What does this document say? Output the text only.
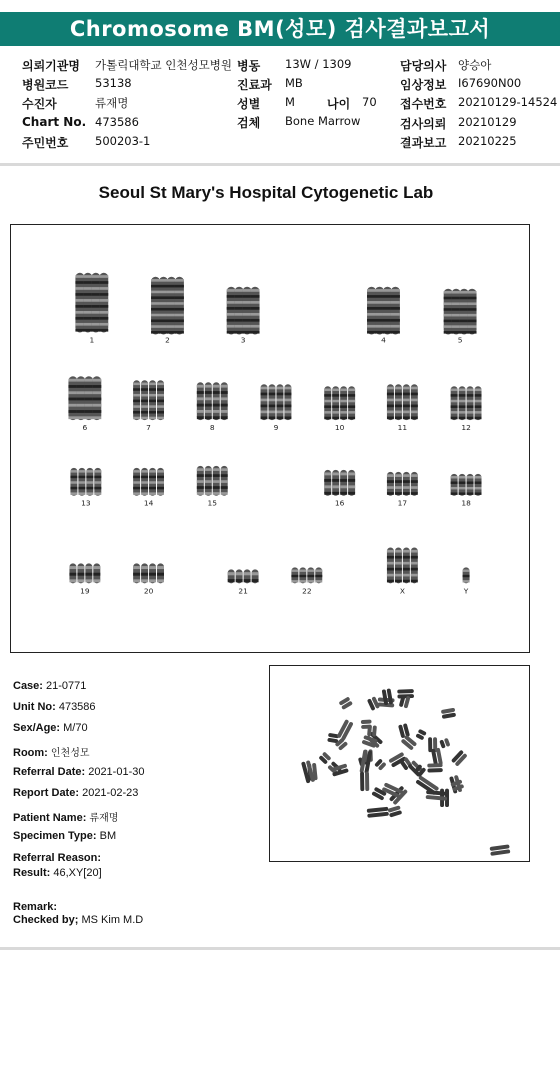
Chromosome BM(성모) 검사결과보고서
의뢰기관명 가톨릭대학교 인천성모병원 병동 13W / 1309	담당의사 양승아
병원코드 53138	진료과 MB	임상정보 I67690N00
수진자	류재명	성별 M	나이 70 접수번호 20210129-14524
Chart No. 473586	검체 Bone Marrow	검사의뢰 20210129
주민번호 500203-1	결과보고 20210225
Seoul St Mary's Hospital Cytogenetic Lab
1	2	3	4	5
6	7	8	9	10	11	12
13	14	15	16	17	18
19	20	21	22	X	Y
Case: 21-0771
Unit No: 473586
Sex/Age: M/70
Room: 인천성모
Referral Date: 2021-01-30
Report Date: 2021-02-23
Patient Name: 류재명
Specimen Type: BM
Referral Reason:
Result: 46,XY[20]
Remark:
Checked by; MS Kim M.D
